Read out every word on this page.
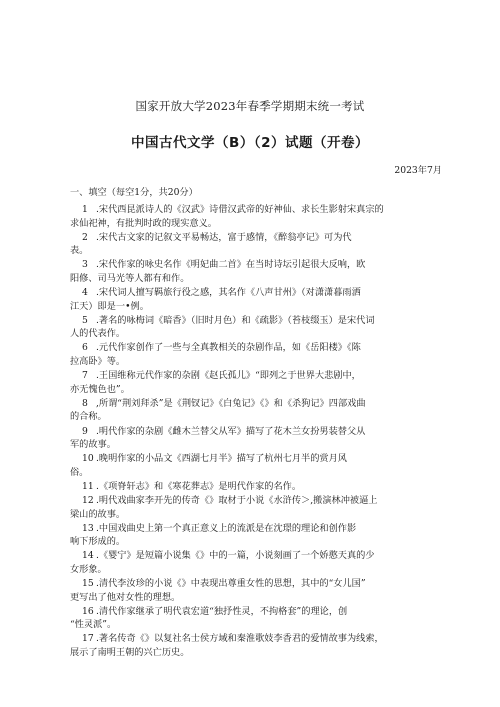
国家开放大学2023年春季学期期末统一考试
中国古代文学（B）（2）试题（开卷）
2023年7月
一、填空（每空1分，共20分）
1 .宋代西昆派诗人的《汉武》诗借汉武帝的好神仙、求长生影射宋真宗的
求仙祀神，有批判时政的现实意义。
2 .宋代古文家的记叙文平易畅达，富于感情，《醉翁亭记》可为代
表。
3 .宋代作家的咏史名作《明妃曲二首》在当时诗坛引起很大反响，欧
阳修、司马光等人都有和作。
4 .宋代词人擅写羁旅行役之感，其名作《八声甘州》（对潇潇暮雨洒
江天）即是一•例。
5 .著名的咏梅词《暗香》（旧时月色）和《疏影》（苔枝缀玉）是宋代词
人的代表作。
6 .元代作家创作了一些与全真教相关的杂剧作品，如《岳阳楼》《陈
拉高卧》等。
7 .王国维称元代作家的杂剧《赵氏孤儿》“即列之于世界大悲剧中，
亦无愧色也”。
8 ,所谓“荆刘拜杀”是《荆钗记》《白兔记》《》和《杀狗记》四部戏曲
的合称。
9 .明代作家的杂剧《雌木兰替父从军》描写了花木兰女扮男装替父从
军的故事。
10 .晚明作家的小品文《西湖七月半》描写了杭州七月半的赏月风
俗。
11 .《项脊轩志》和《寒花葬志》是明代作家的名作。
12 .明代戏曲家李开先的传奇《》取材于小说《水浒传＞,搬演林冲被逼上
梁山的故事。
13 .中国戏曲史上第一个真正意义上的流派是在沈璟的理论和创作影
响下形成的。
14 .《婴宁》是短篇小说集《》中的一篇，小说刻画了一个娇憨天真的少
女形象。
15 .清代李汝珍的小说《》中表现出尊重女性的思想，其中的“女儿国”
更写出了他对女性的理想。
16 .清代作家继承了明代袁宏道“独抒性灵，不拘格套”的理论，创
“性灵派”。
17 .著名传奇《》以复社名士侯方域和秦淮歌妓李香君的爱情故事为线索，
展示了南明王朝的兴亡历史。
